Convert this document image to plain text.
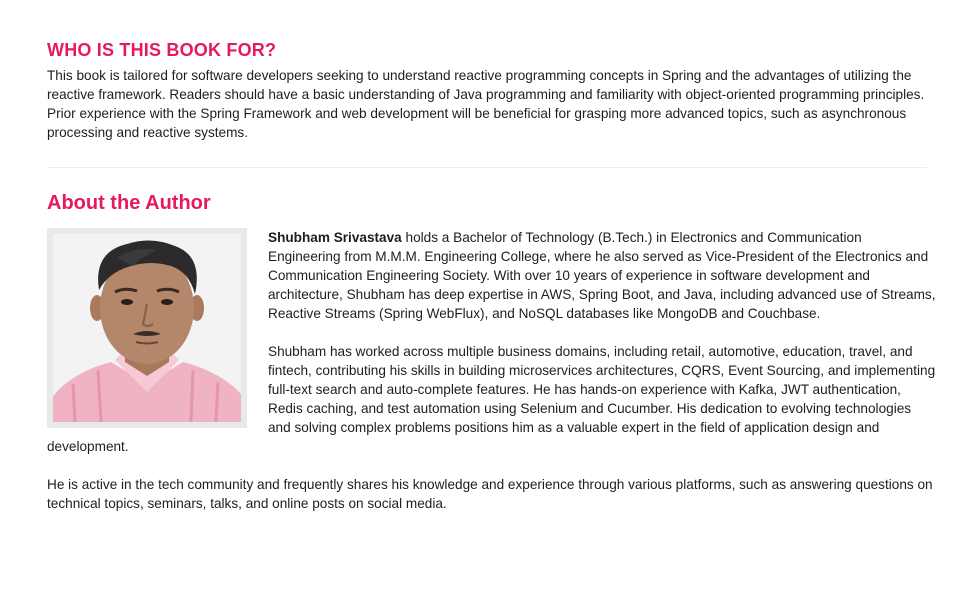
WHO IS THIS BOOK FOR?

This book is tailored for software developers seeking to understand reactive programming concepts in Spring and the advantages of utilizing the reactive framework. Readers should have a basic understanding of Java programming and familiarity with object-oriented programming principles. Prior experience with the Spring Framework and web development will be beneficial for grasping more advanced topics, such as asynchronous processing and reactive systems.

About the Author

Shubham Srivastava holds a Bachelor of Technology (B.Tech.) in Electronics and Communication Engineering from M.M.M. Engineering College, where he also served as Vice-President of the Electronics and Communication Engineering Society. With over 10 years of experience in software development and architecture, Shubham has deep expertise in AWS, Spring Boot, and Java, including advanced use of Streams, Reactive Streams (Spring WebFlux), and NoSQL databases like MongoDB and Couchbase.

Shubham has worked across multiple business domains, including retail, automotive, education, travel, and fintech, contributing his skills in building microservices architectures, CQRS, Event Sourcing, and implementing full-text search and auto-complete features. He has hands-on experience with Kafka, JWT authentication, Redis caching, and test automation using Selenium and Cucumber. His dedication to evolving technologies and solving complex problems positions him as a valuable expert in the field of application design and development.

He is active in the tech community and frequently shares his knowledge and experience through various platforms, such as answering questions on technical topics, seminars, talks, and online posts on social media.
